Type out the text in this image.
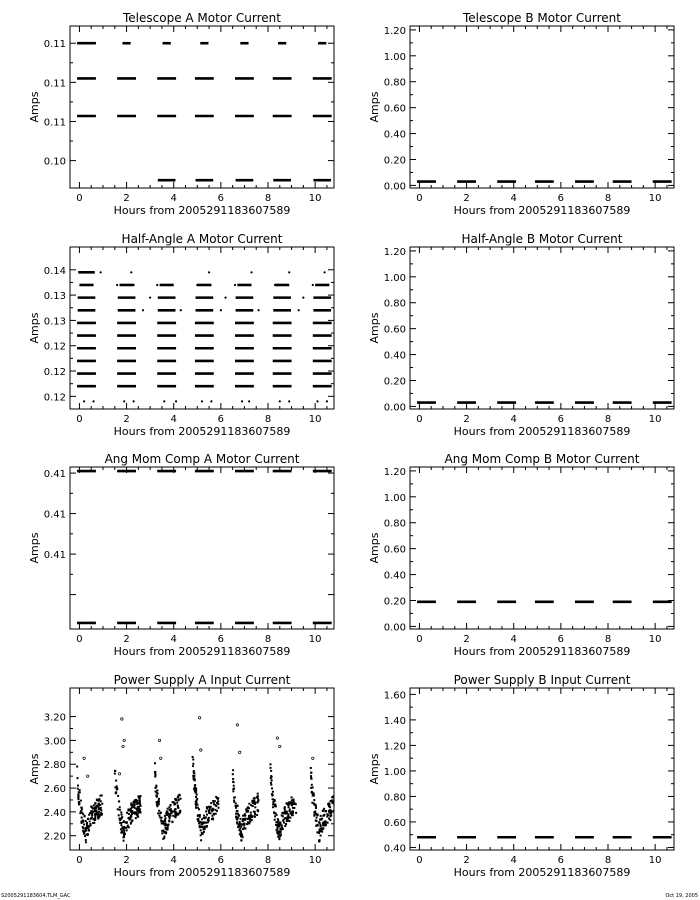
Telescope A Motor Current
0	2	4	6	8	10
0.10
0.11
0.11
0.11
Hours from 2005291183607589
Amps
Telescope B Motor Current
0	2	4	6	8	10
0.00
0.20
0.40
0.60
0.80
1.00
1.20
Hours from 2005291183607589
Amps
Half-Angle A Motor Current
0	2	4	6	8	10
0.12
0.12
0.12
0.13
0.13
0.14
Hours from 2005291183607589
Amps
Half-Angle B Motor Current
0	2	4	6	8	10
0.00
0.20
0.40
0.60
0.80
1.00
1.20
Hours from 2005291183607589
Amps
Ang Mom Comp A Motor Current
0	2	4	6	8	10
0.41
0.41
0.41
Hours from 2005291183607589
Amps
Ang Mom Comp B Motor Current
0	2	4	6	8	10
0.00
0.20
0.40
0.60
0.80
1.00
1.20
Hours from 2005291183607589
Amps
Power Supply A Input Current
0	2	4	6	8	10
2.20
2.40
2.60
2.80
3.00
3.20
Hours from 2005291183607589
Amps
Power Supply B Input Current
0	2	4	6	8	10
0.40
0.60
0.80
1.00
1.20
1.40
1.60
Hours from 2005291183607589
Amps
S2005291183604.TLM_GAC	Oct 19, 2005
